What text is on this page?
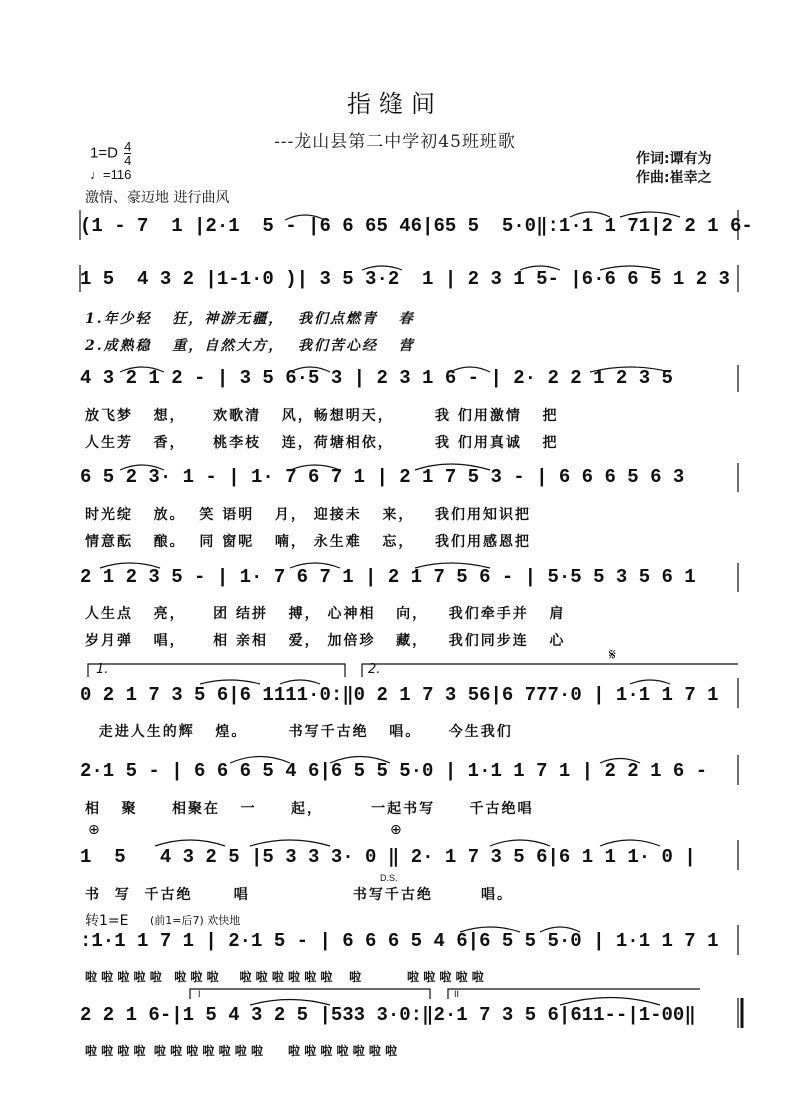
指缝间
---龙山县第二中学初45班班歌
$1=D \frac{4}{4}$
♩=116
激情、豪迈地 进行曲风
作词:谭有为
作曲:崔幸之
𝄋
⊕	⊕
(1 - 7  1 |2·1  5 - |6 6 65 46|65 5  5·0‖:1·1 1 71|2 2 1 6-
1 5  4 3 2 |1-1·0 )| 3 5 3·2  1 | 2 3 1 5- |6·6 6 5 1 2 3
1.年少轻   狂，神游无疆，  我们点燃青   春
2.成熟稳   重，自然大方，  我们苦心经   营
4 3 2 1 2 - | 3 5 6·5 3 | 2 3 1 6 - | 2· 2 2 1 2 3 5
放飞梦   想，    欢歌清   风，畅想明天，      我 们用激情   把
人生芳   香，    桃李枝   连，荷塘相依，      我 们用真诚   把
6 5 2 3· 1 - | 1· 7 6 7 1 | 2 1 7 5 3 - | 6 6 6 5 6 3
时光绽   放。  笑 语明   月， 迎接未   来，   我们用知识把
情意酝   酿。  同 窗呢   喃， 永生难   忘，   我们用感恩把
2 1 2 3 5 - | 1· 7 6 7 1 | 2 1 7 5 6 - | 5·5 5 3 5 6 1
人生点   亮，    团 结拼   搏， 心神相   向，   我们牵手并   肩
岁月弹   唱，    相 亲相   爱， 加倍珍   藏，   我们同步连   心
1.	2.
0 2 1 7 3 5 6|6 1111·0:‖0 2 1 7 3 56|6 777·0 | 1·1 1 7 1
走进人生的辉   煌。      书写千古绝   唱。    今生我们
2·1 5 - | 6 6 6 5 4 6|6 5 5 5·0 | 1·1 1 7 1 | 2 2 1 6 -
相   聚     相聚在   一     起，       一起书写     千古绝唱
1  5   4 3 2 5 |5 3 3 3· 0 ‖ 2· 1 7 3 5 6|6 1 1 1· 0 |
D.S.
书  写  千古绝      唱               书写千古绝       唱。
转1=E (前1=后7) 欢快地
:1·1 1 7 1 | 2·1 5 - | 6 6 6 5 4 6|6 5 5 5·0 | 1·1 1 7 1
啦 啦 啦 啦 啦   啦 啦 啦     啦 啦 啦 啦 啦 啦    啦           啦 啦 啦 啦 啦
I	II
2 2 1 6-|1 5 4 3 2 5 |533 3·0:‖2·1 7 3 5 6|611--|1-00‖
啦 啦 啦 啦  啦 啦 啦 啦 啦 啦 啦      啦 啦 啦 啦 啦 啦 啦
